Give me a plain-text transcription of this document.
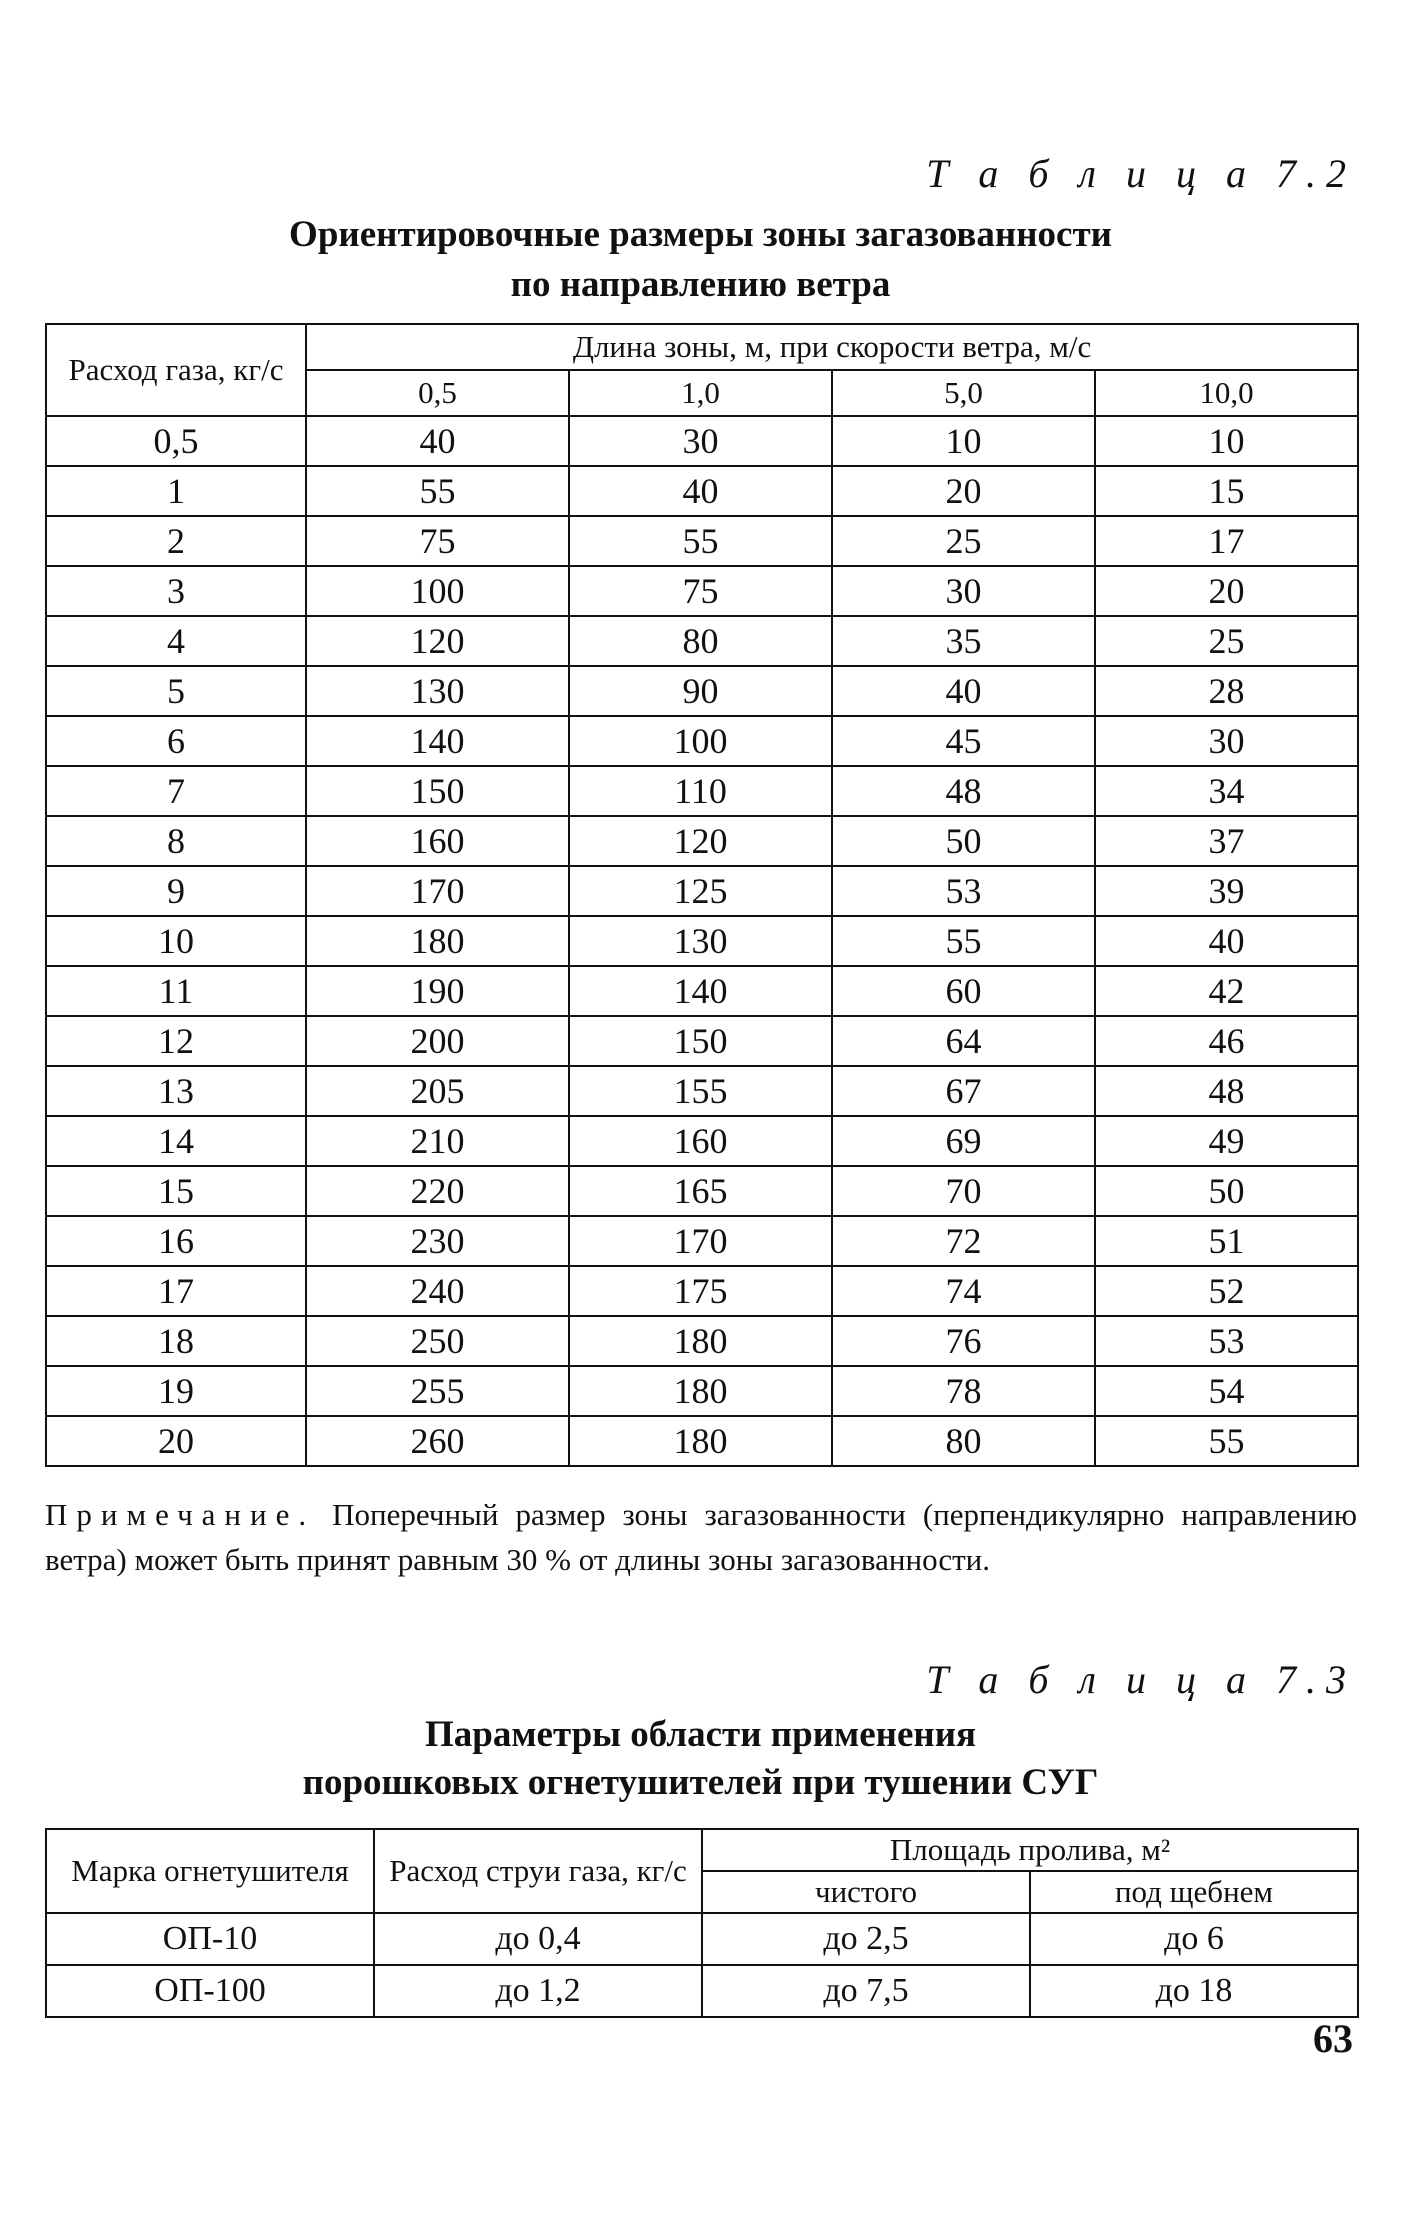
Т а б л и ц а 7.2
Ориентировочные размеры зоны загазованности
по направлению ветра
Расход газа, кг/с	Длина зоны, м, при скорости ветра, м/с			
	0,5	1,0	5,0	10,0
0,5	40	30	10	10
1	55	40	20	15
2	75	55	25	17
3	100	75	30	20
4	120	80	35	25
5	130	90	40	28
6	140	100	45	30
7	150	110	48	34
8	160	120	50	37
9	170	125	53	39
10	180	130	55	40
11	190	140	60	42
12	200	150	64	46
13	205	155	67	48
14	210	160	69	49
15	220	165	70	50
16	230	170	72	51
17	240	175	74	52
18	250	180	76	53
19	255	180	78	54
20	260	180	80	55
Примечание. Поперечный размер зоны загазованности (перпендикулярно направлению ветра) может быть принят равным 30 % от длины зоны загазованности.
Т а б л и ц а 7.3
Параметры области применения
порошковых огнетушителей при тушении СУГ
Марка огнетушителя	Расход струи газа, кг/с	Площадь пролива, м²	
		чистого	под щебнем
ОП-10	до 0,4	до 2,5	до 6
ОП-100	до 1,2	до 7,5	до 18
63
